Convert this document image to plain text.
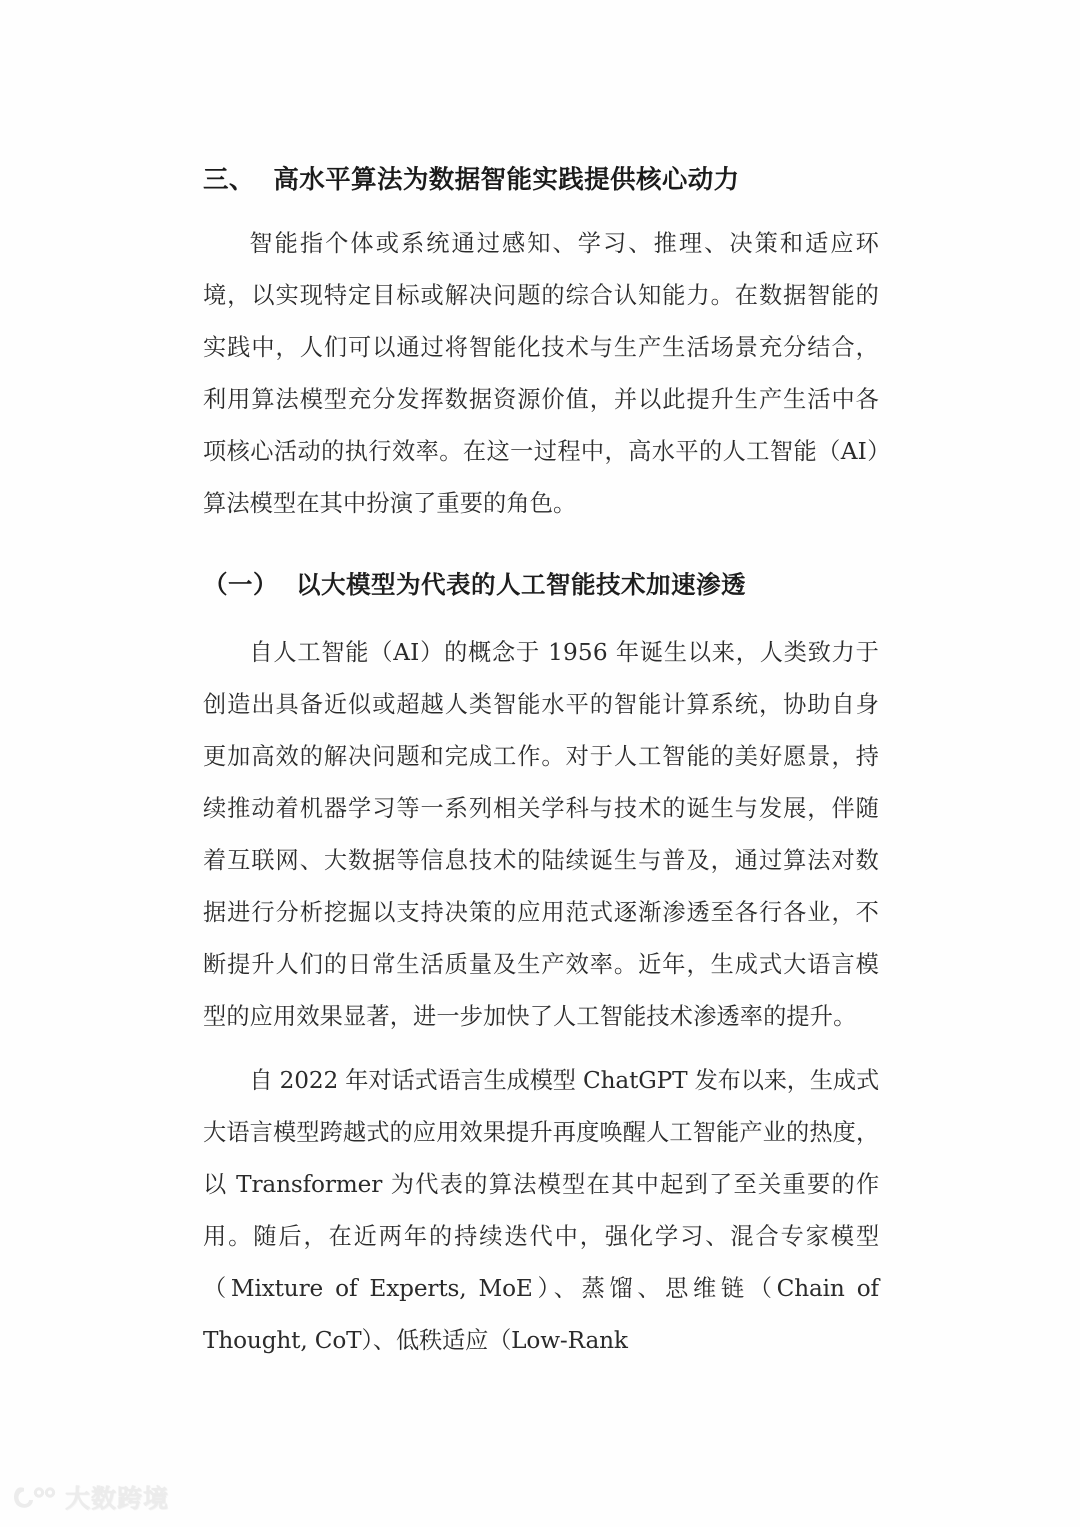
三、  高水平算法为数据智能实践提供核心动力

智能指个体或系统通过感知、学习、推理、决策和适应环境，以实现特定目标或解决问题的综合认知能力。在数据智能的实践中，人们可以通过将智能化技术与生产生活场景充分结合，利用算法模型充分发挥数据资源价值，并以此提升生产生活中各项核心活动的执行效率。在这一过程中，高水平的人工智能（AI）算法模型在其中扮演了重要的角色。

（一）  以大模型为代表的人工智能技术加速渗透

自人工智能（AI）的概念于 1956 年诞生以来，人类致力于创造出具备近似或超越人类智能水平的智能计算系统，协助自身更加高效的解决问题和完成工作。对于人工智能的美好愿景，持续推动着机器学习等一系列相关学科与技术的诞生与发展，伴随着互联网、大数据等信息技术的陆续诞生与普及，通过算法对数据进行分析挖掘以支持决策的应用范式逐渐渗透至各行各业，不断提升人们的日常生活质量及生产效率。近年，生成式大语言模型的应用效果显著，进一步加快了人工智能技术渗透率的提升。

自 2022 年对话式语言生成模型 ChatGPT 发布以来，生成式大语言模型跨越式的应用效果提升再度唤醒人工智能产业的热度，以 Transformer 为代表的算法模型在其中起到了至关重要的作用。随后，在近两年的持续迭代中，强化学习、混合专家模型（Mixture of Experts, MoE）、蒸馏、思维链（Chain of Thought, CoT）、低秩适应（Low-Rank

大数跨境
